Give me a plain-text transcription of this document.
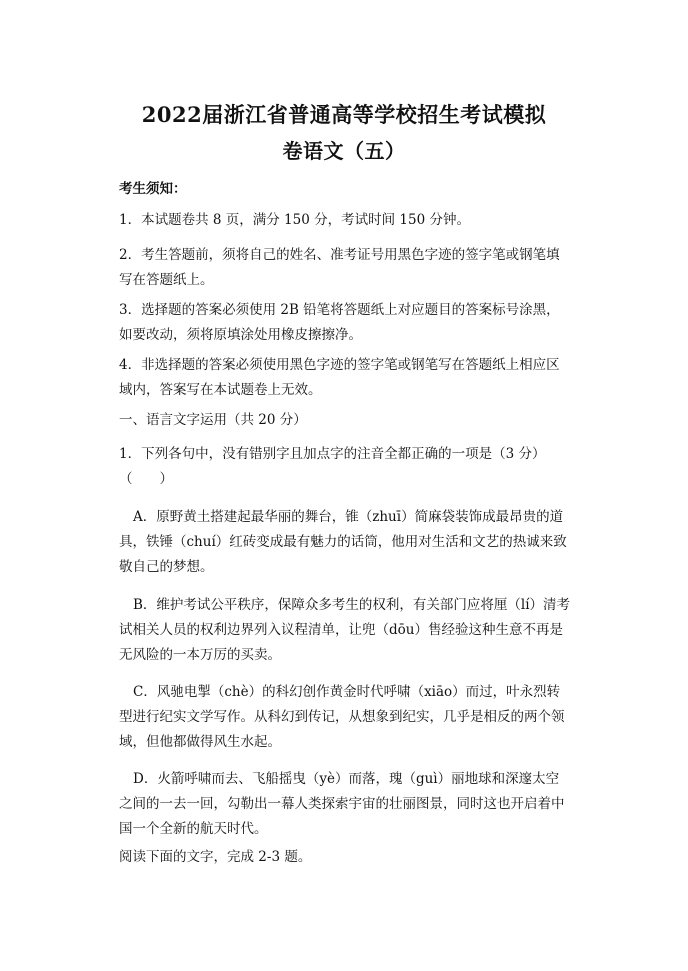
2022届浙江省普通高等学校招生考试模拟
卷语文（五）

考生须知：

1．本试题卷共 8 页，满分 150 分，考试时间 150 分钟。

2．考生答题前，须将自己的姓名、准考证号用黑色字迹的签字笔或钢笔填写在答题纸上。

3．选择题的答案必须使用 2B 铅笔将答题纸上对应题目的答案标号涂黑，如要改动，须将原填涂处用橡皮擦擦净。

4．非选择题的答案必须使用黑色字迹的签字笔或钢笔写在答题纸上相应区域内，答案写在本试题卷上无效。

一、语言文字运用（共 20 分）

1．下列各句中，没有错别字且加点字的注音全都正确的一项是（3 分）（　　）

A．原野黄土搭建起最华丽的舞台，锥（zhuī）简麻袋装饰成最昂贵的道具，铁锤（chuí）红砖变成最有魅力的话筒，他用对生活和文艺的热诚来致敬自己的梦想。

B．维护考试公平秩序，保障众多考生的权利，有关部门应将厘（lí）清考试相关人员的权利边界列入议程清单，让兜（dōu）售经验这种生意不再是无风险的一本万厉的买卖。

C．风驰电掣（chè）的科幻创作黄金时代呼啸（xiāo）而过，叶永烈转型进行纪实文学写作。从科幻到传记，从想象到纪实，几乎是相反的两个领域，但他都做得风生水起。

D．火箭呼啸而去、飞船摇曳（yè）而落，瑰（guì）丽地球和深邃太空之间的一去一回，勾勒出一幕人类探索宇宙的壮丽图景，同时这也开启着中国一个全新的航天时代。

阅读下面的文字，完成 2-3 题。
